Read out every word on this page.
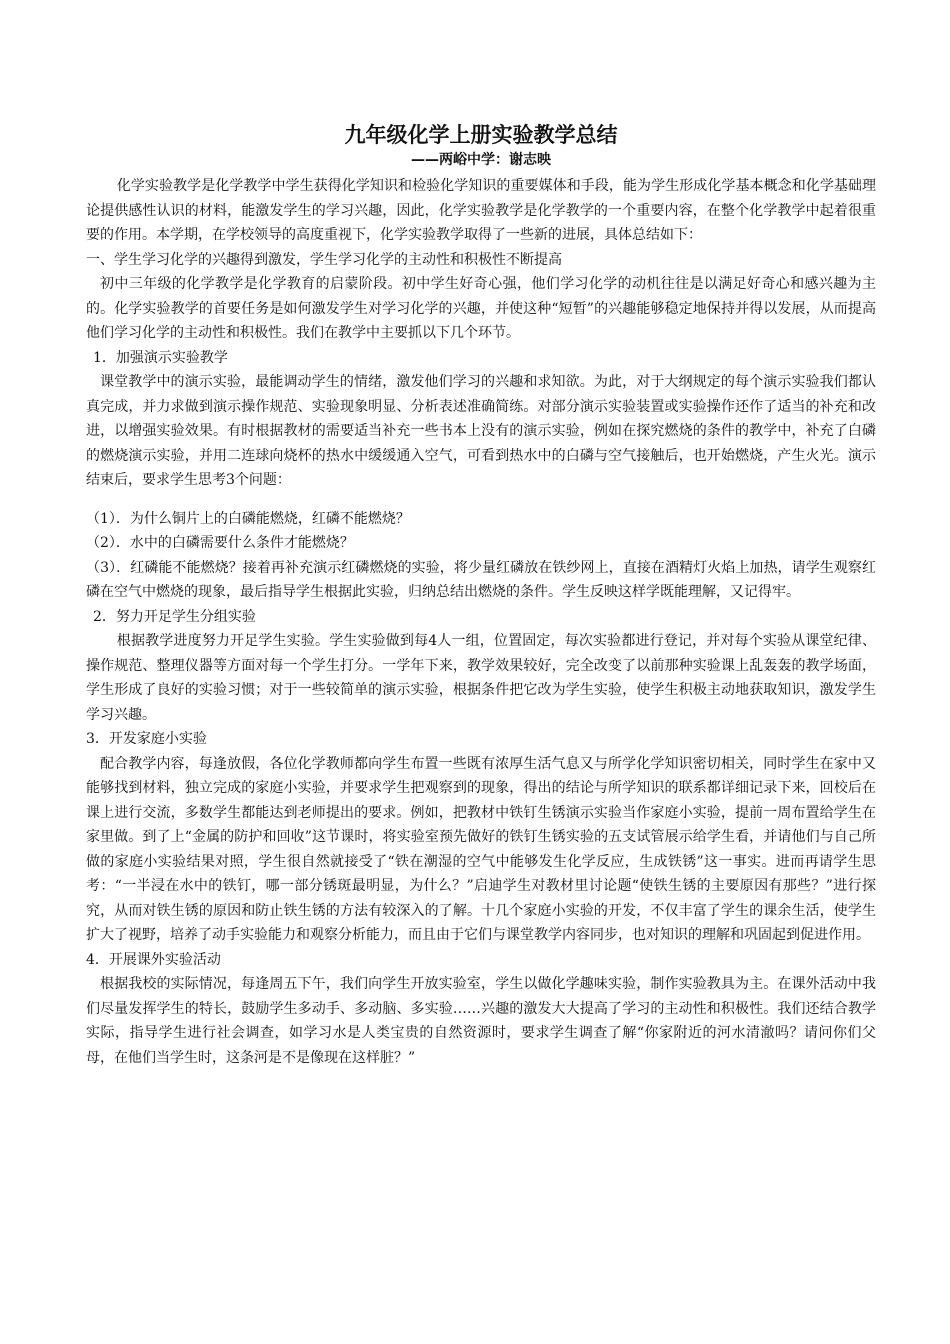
九年级化学上册实验教学总结
——两峪中学：谢志映

化学实验教学是化学教学中学生获得化学知识和检验化学知识的重要媒体和手段，能为学生形成化学基本概念和化学基础理论提供感性认识的材料，能激发学生的学习兴趣，因此，化学实验教学是化学教学的一个重要内容，在整个化学教学中起着很重要的作用。本学期，在学校领导的高度重视下，化学实验教学取得了一些新的进展，具体总结如下：

一、学生学习化学的兴趣得到激发，学生学习化学的主动性和积极性不断提高

初中三年级的化学教学是化学教育的启蒙阶段。初中学生好奇心强，他们学习化学的动机往往是以满足好奇心和感兴趣为主的。化学实验教学的首要任务是如何激发学生对学习化学的兴趣，并使这种“短暂”的兴趣能够稳定地保持并得以发展，从而提高他们学习化学的主动性和积极性。我们在教学中主要抓以下几个环节。

1．加强演示实验教学

课堂教学中的演示实验，最能调动学生的情绪，激发他们学习的兴趣和求知欲。为此，对于大纲规定的每个演示实验我们都认真完成，并力求做到演示操作规范、实验现象明显、分析表述准确简练。对部分演示实验装置或实验操作还作了适当的补充和改进，以增强实验效果。有时根据教材的需要适当补充一些书本上没有的演示实验，例如在探究燃烧的条件的教学中，补充了白磷的燃烧演示实验，并用二连球向烧杯的热水中缓缓通入空气，可看到热水中的白磷与空气接触后，也开始燃烧，产生火光。演示结束后，要求学生思考3个问题：

（1）．为什么铜片上的白磷能燃烧，红磷不能燃烧？

（2）．水中的白磷需要什么条件才能燃烧？

（3）．红磷能不能燃烧？接着再补充演示红磷燃烧的实验，将少量红磷放在铁纱网上，直接在酒精灯火焰上加热，请学生观察红磷在空气中燃烧的现象，最后指导学生根据此实验，归纳总结出燃烧的条件。学生反映这样学既能理解，又记得牢。

2．努力开足学生分组实验

根据教学进度努力开足学生实验。学生实验做到每4人一组，位置固定，每次实验都进行登记，并对每个实验从课堂纪律、操作规范、整理仪器等方面对每一个学生打分。一学年下来，教学效果较好，完全改变了以前那种实验课上乱轰轰的教学场面，学生形成了良好的实验习惯；对于一些较简单的演示实验，根据条件把它改为学生实验，使学生积极主动地获取知识，激发学生学习兴趣。

3．开发家庭小实验

配合教学内容，每逢放假，各位化学教师都向学生布置一些既有浓厚生活气息又与所学化学知识密切相关，同时学生在家中又能够找到材料，独立完成的家庭小实验，并要求学生把观察到的现象，得出的结论与所学知识的联系都详细记录下来，回校后在课上进行交流，多数学生都能达到老师提出的要求。例如，把教材中铁钉生锈演示实验当作家庭小实验，提前一周布置给学生在家里做。到了上“金属的防护和回收”这节课时，将实验室预先做好的铁钉生锈实验的五支试管展示给学生看，并请他们与自己所做的家庭小实验结果对照，学生很自然就接受了“铁在潮湿的空气中能够发生化学反应，生成铁锈”这一事实。进而再请学生思考：“一半浸在水中的铁钉，哪一部分锈斑最明显，为什么？”启迪学生对教材里讨论题“使铁生锈的主要原因有那些？”进行探究，从而对铁生锈的原因和防止铁生锈的方法有较深入的了解。十几个家庭小实验的开发，不仅丰富了学生的课余生活，使学生扩大了视野，培养了动手实验能力和观察分析能力，而且由于它们与课堂教学内容同步，也对知识的理解和巩固起到促进作用。

4．开展课外实验活动

根据我校的实际情况，每逢周五下午，我们向学生开放实验室，学生以做化学趣味实验，制作实验教具为主。在课外活动中我们尽量发挥学生的特长，鼓励学生多动手、多动脑、多实验……兴趣的激发大大提高了学习的主动性和积极性。我们还结合教学实际，指导学生进行社会调查，如学习水是人类宝贵的自然资源时，要求学生调查了解“你家附近的河水清澈吗？请问你们父母，在他们当学生时，这条河是不是像现在这样脏？”
